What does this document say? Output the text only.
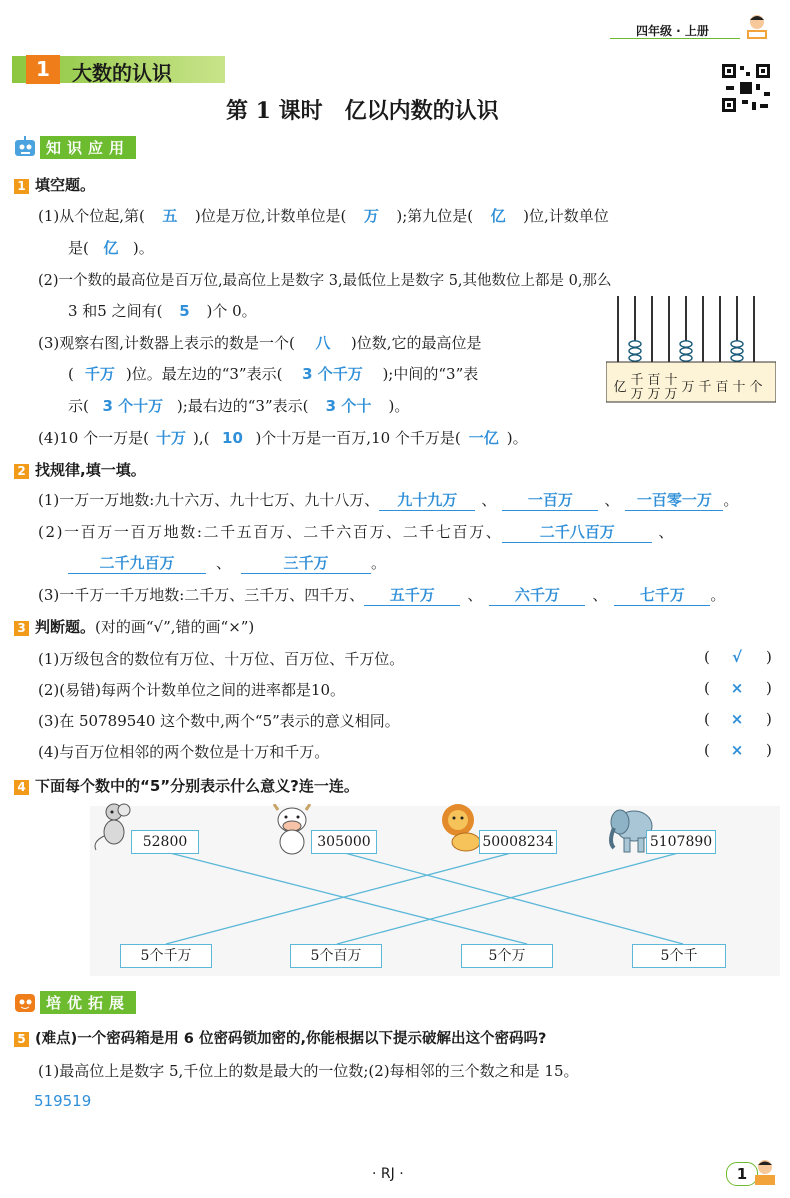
四年级 · 上册
1	大数的认识
第 1 课时　亿以内数的认识
知识应用
1 填空题。
(1)从个位起,第( 五 )位是万位,计数单位是( 万 );第九位是( 亿 )位,计数单位
是( 亿 )。
(2)一个数的最高位是百万位,最高位上是数字 3,最低位上是数字 5,其他数位上都是 0,那么
3 和5 之间有( 5 )个 0。
(3)观察右图,计数器上表示的数是一个( 八 )位数,它的最高位是
( 千万 )位。最左边的“3”表示( 3 个千万 );中间的“3”表
示( 3 个十万 );最右边的“3”表示( 3 个十 )。
亿 千万
百万
十万 万 千 百 十 个
(4)10 个一万是( 十万 ),( 10 )个十万是一百万,10 个千万是( 一亿 )。
2 找规律,填一填。
(1)一万一万地数:九十六万、九十七万、九十八万、 九十九万 、 一百万 、 一百零一万 。
(2)一百万一百万地数:二千五百万、二千六百万、二千七百万、 二千八百万	、
二千九百万	、	三千万	。
(3)一千万一千万地数:二千万、三千万、四千万、 五千万 、 六千万 、 七千万 。
3 判断题。(对的画“√”,错的画“×”)
(1)万级包含的数位有万位、十万位、百万位、千万位。	(	√	)
(2)(易错)每两个计数单位之间的进率都是10。	(	×	)
(3)在 50789540 这个数中,两个“5”表示的意义相同。	(	×	)
(4)与百万位相邻的两个数位是十万和千万。	(	×	)
4 下面每个数中的“5”分别表示什么意义?连一连。
52800	305000	50008234	5107890
5个千万	5个百万	5个万	5个千
培优拓展
5 (难点)一个密码箱是用 6 位密码锁加密的,你能根据以下提示破解出这个密码吗?
(1)最高位上是数字 5,千位上的数是最大的一位数;(2)每相邻的三个数之和是 15。
519519
· RJ ·	1
